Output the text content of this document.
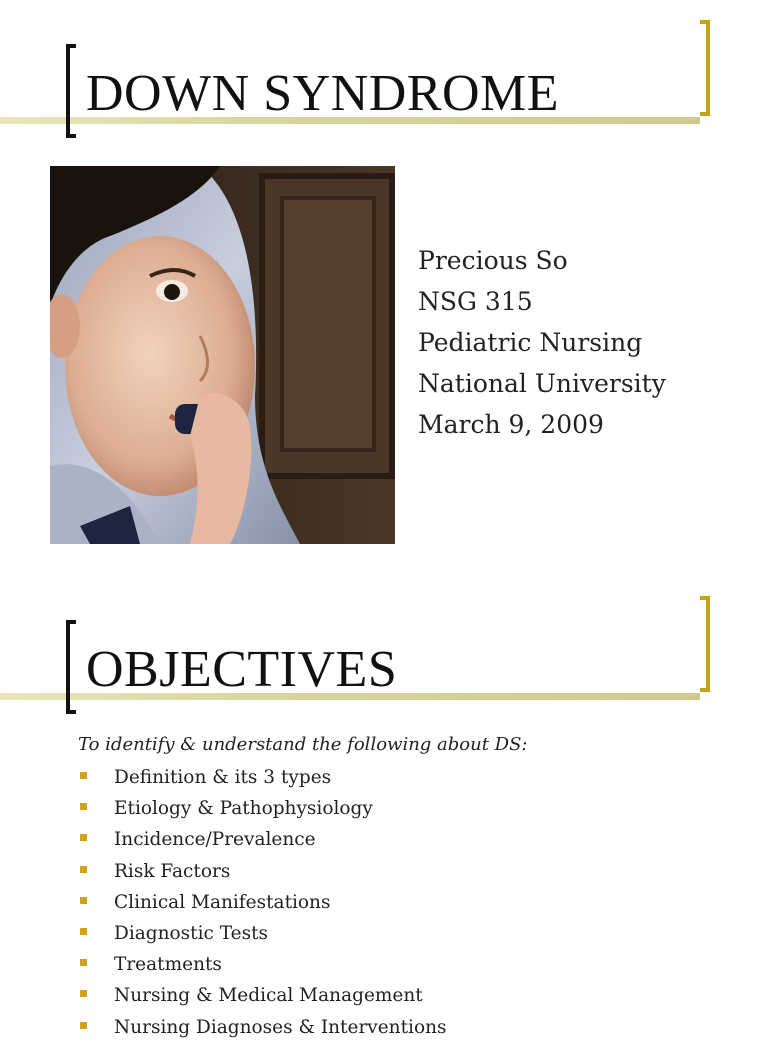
DOWN SYNDROME
Precious So
NSG 315
Pediatric Nursing
National University
March 9, 2009
OBJECTIVES
To identify & understand the following about DS:
Definition & its 3 types
Etiology & Pathophysiology
Incidence/Prevalence
Risk Factors
Clinical Manifestations
Diagnostic Tests
Treatments
Nursing & Medical Management
Nursing Diagnoses & Interventions
